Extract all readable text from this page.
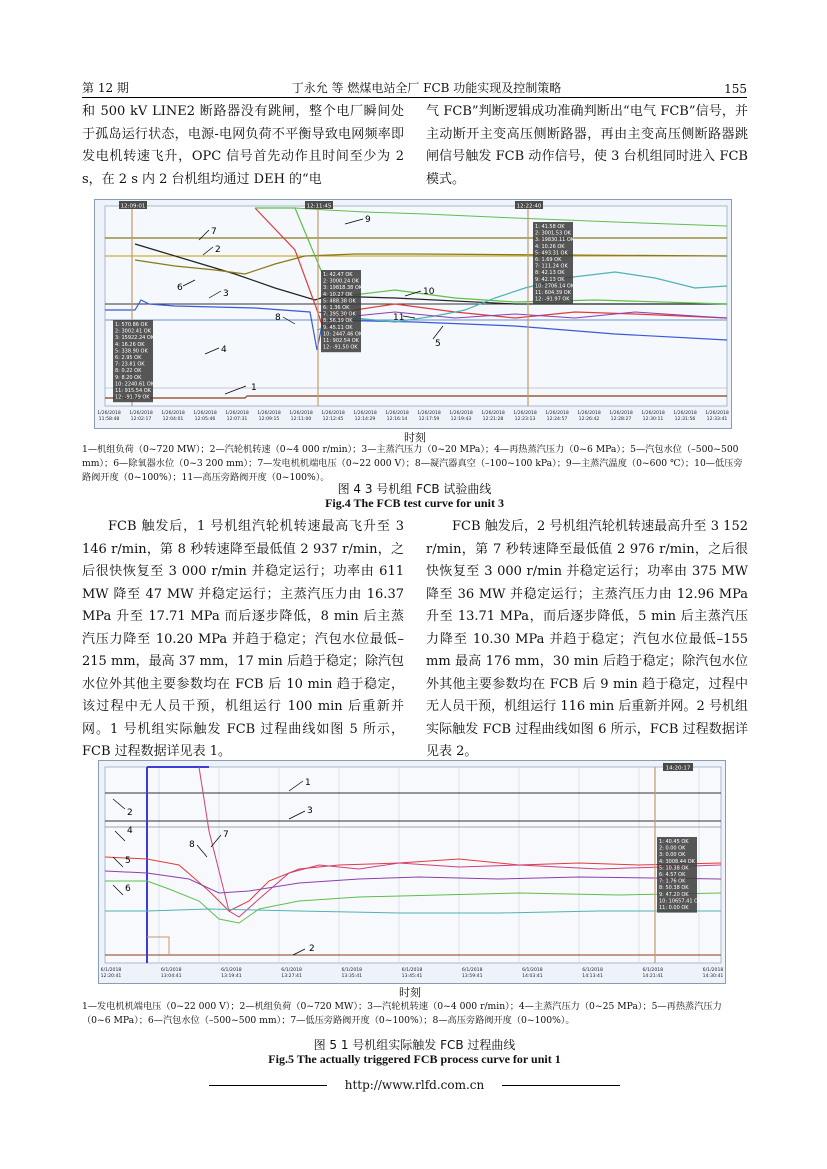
第 12 期	丁永允 等 燃煤电站全厂 FCB 功能实现及控制策略	155

和 500 kV LINE2 断路器没有跳闸，整个电厂瞬间处于孤岛运行状态，电源-电网负荷不平衡导致电网频率即发电机转速飞升，OPC 信号首先动作且时间至少为 2 s，在 2 s 内 2 台机组均通过 DEH 的“电

气 FCB”判断逻辑成功准确判断出“电气 FCB”信号，并主动断开主变高压侧断路器，再由主变高压侧断路器跳闸信号触发 FCB 动作信号，使 3 台机组同时进入 FCB 模式。

12:09:01	12:11:45	12:22:40
1: 570.86 OK
2: 3002.41 OK
3: 15922.24 OK
4: 16.26 OK
5: 338.90 OK
6: 2.95 OK
7: 23.81 OK
8: 0.22 OK
9: 8.20 OK
10: 2240.61 OK
11: 915.54 OK
12: -91.79 OK
1: 42.47 OK
2: 3000.24 OK
3: 19818.38 OK
4: 10.27 OK
5: 488.38 OK
6: 1.36 OK
7: 395.30 OK
8: 56.39 OK
9: 45.11 OK
10: 2447.46 OK
11: 902.54 OK
12: -91.50 OK
1: 41.58 OK
2: 3001.53 OK
3: 19830.11 OK
4: 10.26 OK
5: 493.31 OK
6: 1.69 OK
7: 111.24 OK
8: 42.13 OK
9: 42.13 OK
10: 2706.14 OK
11: 604.39 OK
12: -91.97 OK
1
2
3
4
5
6
7
8
9
10
11
1/26/2018
11:58:48
1/26/2018
12:02:17
1/26/2018
12:04:01
1/26/2018
12:05:46
1/26/2018
12:07:31
1/26/2018
12:09:15
1/26/2018
12:11:00
1/26/2018
12:12:45
1/26/2018
12:14:29
1/26/2018
12:16:14
1/26/2018
12:17:59
1/26/2018
12:19:43
1/26/2018
12:21:28
1/26/2018
12:23:13
1/26/2018
12:24:57
1/26/2018
12:26:42
1/26/2018
12:28:27
1/26/2018
12:30:11
1/26/2018
12:31:56
1/26/2018
12:33:41
时刻
1—机组负荷（0~720 MW）；2—汽轮机转速（0~4 000 r/min）；3—主蒸汽压力（0~20 MPa）；4—再热蒸汽压力（0~6 MPa）；5—汽包水位（–500~500 mm）；6—除氧器水位（0~3 200 mm）；7—发电机机端电压（0~22 000 V）；8—凝汽器真空（–100~100 kPa）；9—主蒸汽温度（0~600 ℃）；10—低压旁路阀开度（0~100%）；11—高压旁路阀开度（0~100%）。
图 4 3 号机组 FCB 试验曲线
Fig.4 The FCB test curve for unit 3

FCB 触发后，1 号机组汽轮机转速最高飞升至 3 146 r/min，第 8 秒转速降至最低值 2 937 r/min，之后很快恢复至 3 000 r/min 并稳定运行；功率由 611 MW 降至 47 MW 并稳定运行；主蒸汽压力由 16.37 MPa 升至 17.71 MPa 而后逐步降低，8 min 后主蒸汽压力降至 10.20 MPa 并趋于稳定；汽包水位最低–215 mm，最高 37 mm，17 min 后趋于稳定；除汽包水位外其他主要参数均在 FCB 后 10 min 趋于稳定，该过程中无人员干预，机组运行 100 min 后重新并网。1 号机组实际触发 FCB 过程曲线如图 5 所示，FCB 过程数据详见表 1。

FCB 触发后，2 号机组汽轮机转速最高升至 3 152 r/min，第 7 秒转速降至最低值 2 976 r/min，之后很快恢复至 3 000 r/min 并稳定运行；功率由 375 MW 降至 36 MW 并稳定运行；主蒸汽压力由 12.96 MPa 升至 13.71 MPa，而后逐步降低，5 min 后主蒸汽压力降至 10.30 MPa 并趋于稳定；汽包水位最低–155 mm 最高 176 mm，30 min 后趋于稳定；除汽包水位外其他主要参数均在 FCB 后 9 min 趋于稳定，过程中无人员干预，机组运行 116 min 后重新并网。2 号机组实际触发 FCB 过程曲线如图 6 所示，FCB 过程数据详见表 2。

14:20:17
1: 40.45 OK
2: 0.00 OK
3: 0.00 OK
4: 3008.44 OK
5: 10.38 OK
6: 4.57 OK
7: 1.76 OK
8: 50.38 OK
9: 47.20 OK
10: 10657.41 OK
11: 0.00 OK
1
2
3
4
5
6
7
8
2
6/1/2018
12:20:41
6/1/2018
13:04:41
6/1/2018
13:19:41
6/1/2018
13:27:41
6/1/2018
13:35:41
6/1/2018
13:45:41
6/1/2018
13:59:41
6/1/2018
14:03:41
6/1/2018
14:13:41
6/1/2018
14:21:41
6/1/2018
14:30:41
时刻
1—发电机机端电压（0~22 000 V）；2—机组负荷（0~720 MW）；3—汽轮机转速（0~4 000 r/min）；4—主蒸汽压力（0~25 MPa）；5—再热蒸汽压力（0~6 MPa）；6—汽包水位（–500~500 mm）；7—低压旁路阀开度（0~100%）；8—高压旁路阀开度（0~100%）。
图 5 1 号机组实际触发 FCB 过程曲线
Fig.5 The actually triggered FCB process curve for unit 1
http://www.rlfd.com.cn
